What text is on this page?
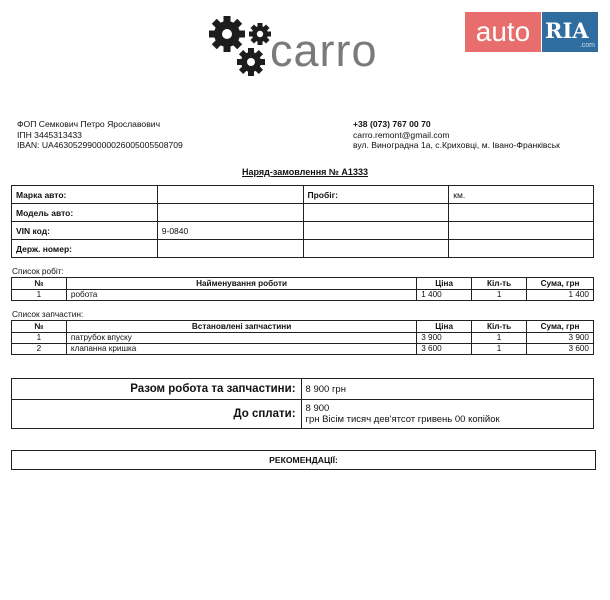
carro	auto RIA
.com
ФОП Семкович Петро Ярославович
ІПН 3445313433
IBAN: UA463052990000026005005508709
+38 (073) 767 00 70
carro.remont@gmail.com
вул. Виноградна 1а, с.Криховці, м. Івано-Франківськ
Наряд-замовлення № А1333
Марка авто:		Пробіг:	км.
Модель авто:			
VIN код:	9-0840		
Держ. номер:			
Список робіт:
№	Найменування роботи	Ціна	Кіл-ть	Сума, грн
1	робота	1 400	1	1 400
Список запчастин:
№	Встановлені запчастини	Ціна	Кіл-ть	Сума, грн
1	патрубок впуску	3 900	1	3 900
2	клапанна кришка	3 600	1	3 600
Разом робота та запчастини:	8 900 грн
До сплати:	8 900
грн Вісім тисяч дев'ятсот гривень 00 копійок
РЕКОМЕНДАЦІЇ:
